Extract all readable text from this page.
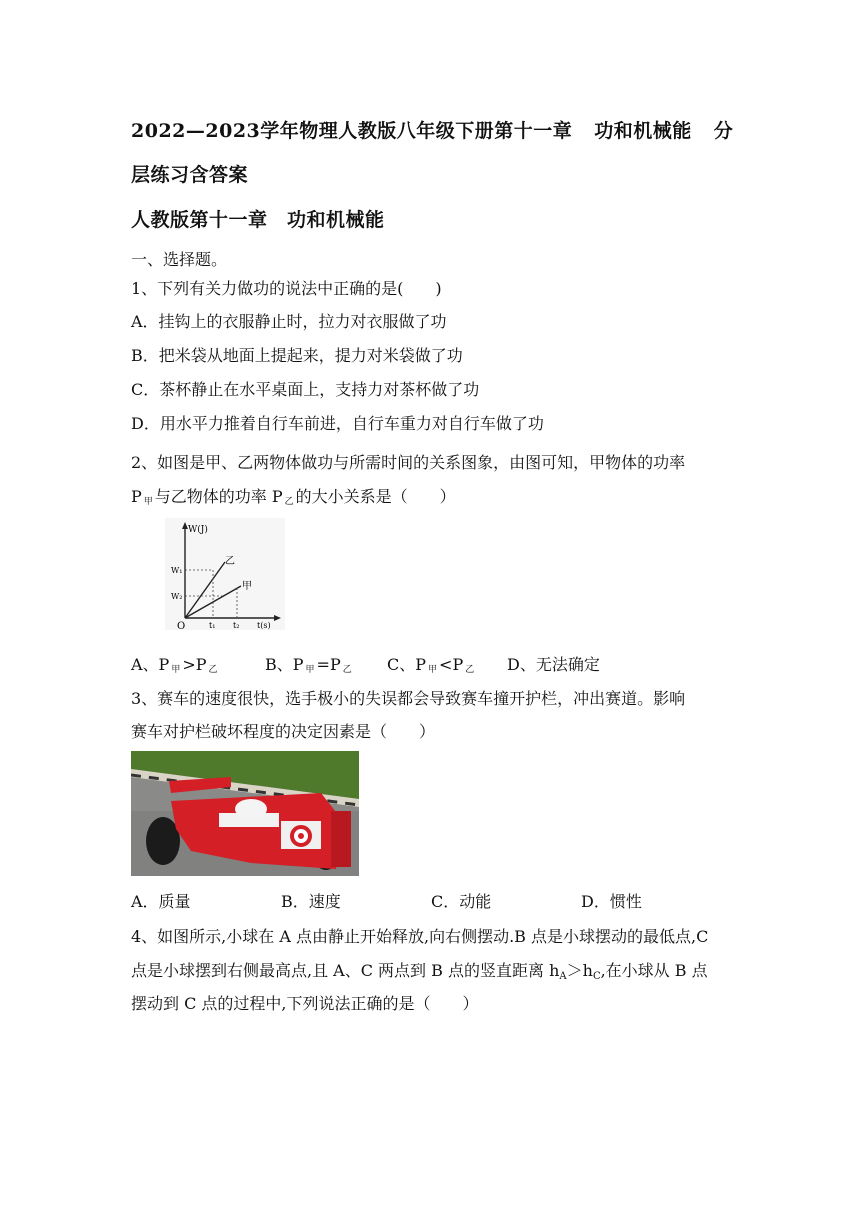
2022—2023学年物理人教版八年级下册第十一章 功和机械能 分
层练习含答案
人教版第十一章　功和机械能
一、选择题。
1、下列有关力做功的说法中正确的是(　　)
A．挂钩上的衣服静止时，拉力对衣服做了功
B．把米袋从地面上提起来，提力对米袋做了功
C．茶杯静止在水平桌面上，支持力对茶杯做了功
D．用水平力推着自行车前进，自行车重力对自行车做了功
2、如图是甲、乙两物体做功与所需时间的关系图象，由图可知，甲物体的功率
P $_甲$ 与乙物体的功率 P $_乙$ 的大小关系是（　　）
W(J)
W₁
W₂
O	t₁ t₂ t(s)
乙
甲
A、P $_甲$ >P $_乙$	B、P $_甲$ =P $_乙$ C、P $_甲$ <P $_乙$ D、无法确定
3、赛车的速度很快，选手极小的失误都会导致赛车撞开护栏，冲出赛道。影响
赛车对护栏破坏程度的决定因素是（　　）
A．质量	B．速度	C．动能	D．惯性
4、如图所示,小球在 A 点由静止开始释放,向右侧摆动.B 点是小球摆动的最低点,C
点是小球摆到右侧最高点,且 A、C 两点到 B 点的竖直距离 hA＞hC,在小球从 B 点
摆动到 C 点的过程中,下列说法正确的是（　　）
